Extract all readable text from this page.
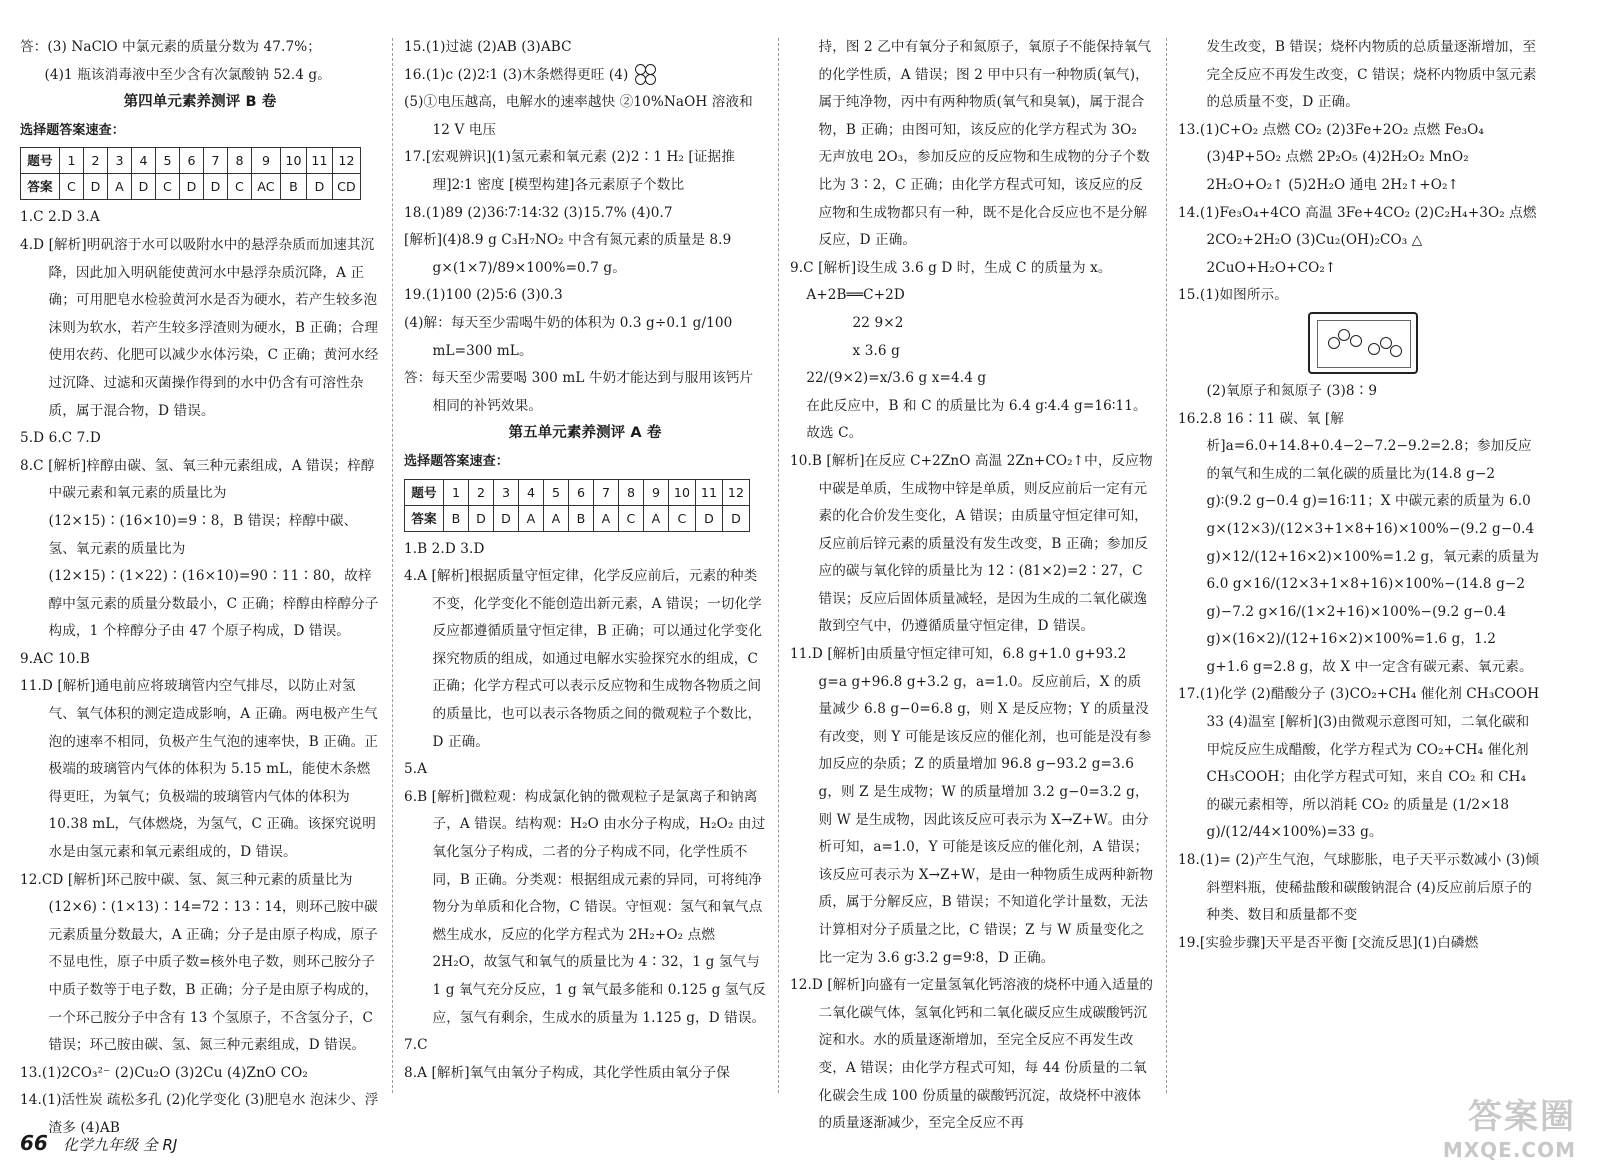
答：(3) NaClO 中氯元素的质量分数为 47.7%；

(4)1 瓶该消毒液中至少含有次氯酸钠 52.4 g。

第四单元素养测评 B 卷

选择题答案速查：

题号	1	2	3	4	5	6	7	8	9	10	11	12
答案	C	D	A	D	C	D	D	C	AC	B	D	CD

1.C 2.D 3.A

4.D [解析]明矾溶于水可以吸附水中的悬浮杂质而加速其沉降，因此加入明矾能使黄河水中悬浮杂质沉降，A 正确；可用肥皂水检验黄河水是否为硬水，若产生较多泡沫则为软水，若产生较多浮渣则为硬水，B 正确；合理使用农药、化肥可以减少水体污染，C 正确；黄河水经过沉降、过滤和灭菌操作得到的水中仍含有可溶性杂质，属于混合物，D 错误。

5.D 6.C 7.D

8.C [解析]梓醇由碳、氢、氧三种元素组成，A 错误；梓醇中碳元素和氧元素的质量比为(12×15)∶(16×10)=9∶8，B 错误；梓醇中碳、氢、氧元素的质量比为(12×15)∶(1×22)∶(16×10)=90∶11∶80，故梓醇中氢元素的质量分数最小，C 正确；梓醇由梓醇分子构成，1 个梓醇分子由 47 个原子构成，D 错误。

9.AC 10.B

11.D [解析]通电前应将玻璃管内空气排尽，以防止对氢气、氧气体积的测定造成影响，A 正确。两电极产生气泡的速率不相同，负极产生气泡的速率快，B 正确。正极端的玻璃管内气体的体积为 5.15 mL，能使木条燃得更旺，为氧气；负极端的玻璃管内气体的体积为 10.38 mL，气体燃烧，为氢气，C 正确。该探究说明水是由氢元素和氧元素组成的，D 错误。

12.CD [解析]环己胺中碳、氢、氮三种元素的质量比为(12×6)∶(1×13)∶14=72∶13∶14，则环己胺中碳元素质量分数最大，A 正确；分子是由原子构成，原子不显电性，原子中质子数=核外电子数，则环己胺分子中质子数等于电子数，B 正确；分子是由原子构成的，一个环己胺分子中含有 13 个氢原子，不含氢分子，C 错误；环己胺由碳、氢、氮三种元素组成，D 错误。

13.(1)2CO₃²⁻ (2)Cu₂O (3)2Cu (4)ZnO CO₂

14.(1)活性炭 疏松多孔 (2)化学变化 (3)肥皂水 泡沫少、浮渣多 (4)AB

15.(1)过滤 (2)AB (3)ABC

16.(1)c (2)2∶1 (3)木条燃得更旺 (4)

(5)①电压越高，电解水的速率越快 ②10%NaOH 溶液和 12 V 电压

17.[宏观辨识](1)氢元素和氧元素 (2)2∶1 H₂ [证据推理]2∶1 密度 [模型构建]各元素原子个数比

18.(1)89 (2)36∶7∶14∶32 (3)15.7% (4)0.7

[解析](4)8.9 g C₃H₇NO₂ 中含有氮元素的质量是 8.9 g×(1×7)/89×100%=0.7 g。

19.(1)100 (2)5∶6 (3)0.3

(4)解：每天至少需喝牛奶的体积为 0.3 g÷0.1 g/100 mL=300 mL。

答：每天至少需要喝 300 mL 牛奶才能达到与服用该钙片相同的补钙效果。

第五单元素养测评 A 卷

选择题答案速查：

题号	1	2	3	4	5	6	7	8	9	10	11	12
答案	B	D	D	A	A	B	A	C	A	C	D	D

1.B 2.D 3.D

4.A [解析]根据质量守恒定律，化学反应前后，元素的种类不变，化学变化不能创造出新元素，A 错误；一切化学反应都遵循质量守恒定律，B 正确；可以通过化学变化探究物质的组成，如通过电解水实验探究水的组成，C 正确；化学方程式可以表示反应物和生成物各物质之间的质量比，也可以表示各物质之间的微观粒子个数比，D 正确。

5.A

6.B [解析]微粒观：构成氯化钠的微观粒子是氯离子和钠离子，A 错误。结构观：H₂O 由水分子构成，H₂O₂ 由过氧化氢分子构成，二者的分子构成不同，化学性质不同，B 正确。分类观：根据组成元素的异同，可将纯净物分为单质和化合物，C 错误。守恒观：氢气和氧气点燃生成水，反应的化学方程式为 2H₂+O₂ 点燃 2H₂O，故氢气和氧气的质量比为 4∶32，1 g 氢气与 1 g 氧气充分反应，1 g 氧气最多能和 0.125 g 氢气反应，氢气有剩余，生成水的质量为 1.125 g，D 错误。

7.C

8.A [解析]氧气由氧分子构成，其化学性质由氧分子保

持，图 2 乙中有氧分子和氮原子，氧原子不能保持氧气的化学性质，A 错误；图 2 甲中只有一种物质(氧气)，属于纯净物，丙中有两种物质(氧气和臭氧)，属于混合物，B 正确；由图可知，该反应的化学方程式为 3O₂ 无声放电 2O₃，参加反应的反应物和生成物的分子个数比为 3∶2，C 正确；由化学方程式可知，该反应的反应物和生成物都只有一种，既不是化合反应也不是分解反应，D 正确。

9.C [解析]设生成 3.6 g D 时，生成 C 的质量为 x。

A+2B══C+2D

22 9×2

x 3.6 g

22/(9×2)=x/3.6 g x=4.4 g

在此反应中，B 和 C 的质量比为 6.4 g∶4.4 g=16∶11。故选 C。

10.B [解析]在反应 C+2ZnO 高温 2Zn+CO₂↑中，反应物中碳是单质，生成物中锌是单质，则反应前后一定有元素的化合价发生变化，A 错误；由质量守恒定律可知，反应前后锌元素的质量没有发生改变，B 正确；参加反应的碳与氧化锌的质量比为 12∶(81×2)=2∶27，C 错误；反应后固体质量减轻，是因为生成的二氧化碳逸散到空气中，仍遵循质量守恒定律，D 错误。

11.D [解析]由质量守恒定律可知，6.8 g+1.0 g+93.2 g=a g+96.8 g+3.2 g，a=1.0。反应前后，X 的质量减少 6.8 g−0=6.8 g，则 X 是反应物；Y 的质量没有改变，则 Y 可能是该反应的催化剂，也可能是没有参加反应的杂质；Z 的质量增加 96.8 g−93.2 g=3.6 g，则 Z 是生成物；W 的质量增加 3.2 g−0=3.2 g，则 W 是生成物，因此该反应可表示为 X→Z+W。由分析可知，a=1.0，Y 可能是该反应的催化剂，A 错误；该反应可表示为 X→Z+W，是由一种物质生成两种新物质，属于分解反应，B 错误；不知道化学计量数，无法计算相对分子质量之比，C 错误；Z 与 W 质量变化之比一定为 3.6 g∶3.2 g=9∶8，D 正确。

12.D [解析]向盛有一定量氢氧化钙溶液的烧杯中通入适量的二氧化碳气体，氢氧化钙和二氧化碳反应生成碳酸钙沉淀和水。水的质量逐渐增加，至完全反应不再发生改变，A 错误；由化学方程式可知，每 44 份质量的二氧化碳会生成 100 份质量的碳酸钙沉淀，故烧杯中液体的质量逐渐减少，至完全反应不再

发生改变，B 错误；烧杯内物质的总质量逐渐增加，至完全反应不再发生改变，C 错误；烧杯内物质中氢元素的总质量不变，D 正确。

13.(1)C+O₂ 点燃 CO₂ (2)3Fe+2O₂ 点燃 Fe₃O₄ (3)4P+5O₂ 点燃 2P₂O₅ (4)2H₂O₂ MnO₂ 2H₂O+O₂↑ (5)2H₂O 通电 2H₂↑+O₂↑

14.(1)Fe₃O₄+4CO 高温 3Fe+4CO₂ (2)C₂H₄+3O₂ 点燃 2CO₂+2H₂O (3)Cu₂(OH)₂CO₃ △ 2CuO+H₂O+CO₂↑

15.(1)如图所示。

(2)氧原子和氮原子 (3)8∶9

16.2.8 16∶11 碳、氧 [解析]a=6.0+14.8+0.4−2−7.2−9.2=2.8；参加反应的氧气和生成的二氧化碳的质量比为(14.8 g−2 g)∶(9.2 g−0.4 g)=16∶11；X 中碳元素的质量为 6.0 g×(12×3)/(12×3+1×8+16)×100%−(9.2 g−0.4 g)×12/(12+16×2)×100%=1.2 g，氧元素的质量为 6.0 g×16/(12×3+1×8+16)×100%−(14.8 g−2 g)−7.2 g×16/(1×2+16)×100%−(9.2 g−0.4 g)×(16×2)/(12+16×2)×100%=1.6 g，1.2 g+1.6 g=2.8 g，故 X 中一定含有碳元素、氧元素。

17.(1)化学 (2)醋酸分子 (3)CO₂+CH₄ 催化剂 CH₃COOH 33 (4)温室 [解析](3)由微观示意图可知，二氧化碳和甲烷反应生成醋酸，化学方程式为 CO₂+CH₄ 催化剂 CH₃COOH；由化学方程式可知，来自 CO₂ 和 CH₄ 的碳元素相等，所以消耗 CO₂ 的质量是 (1/2×18 g)/(12/44×100%)=33 g。

18.(1)= (2)产生气泡，气球膨胀，电子天平示数减小 (3)倾斜塑料瓶，使稀盐酸和碳酸钠混合 (4)反应前后原子的种类、数目和质量都不变

19.[实验步骤]天平是否平衡 [交流反思](1)白磷燃

66 化学九年级 全 RJ
答案圈
MXQE.COM
